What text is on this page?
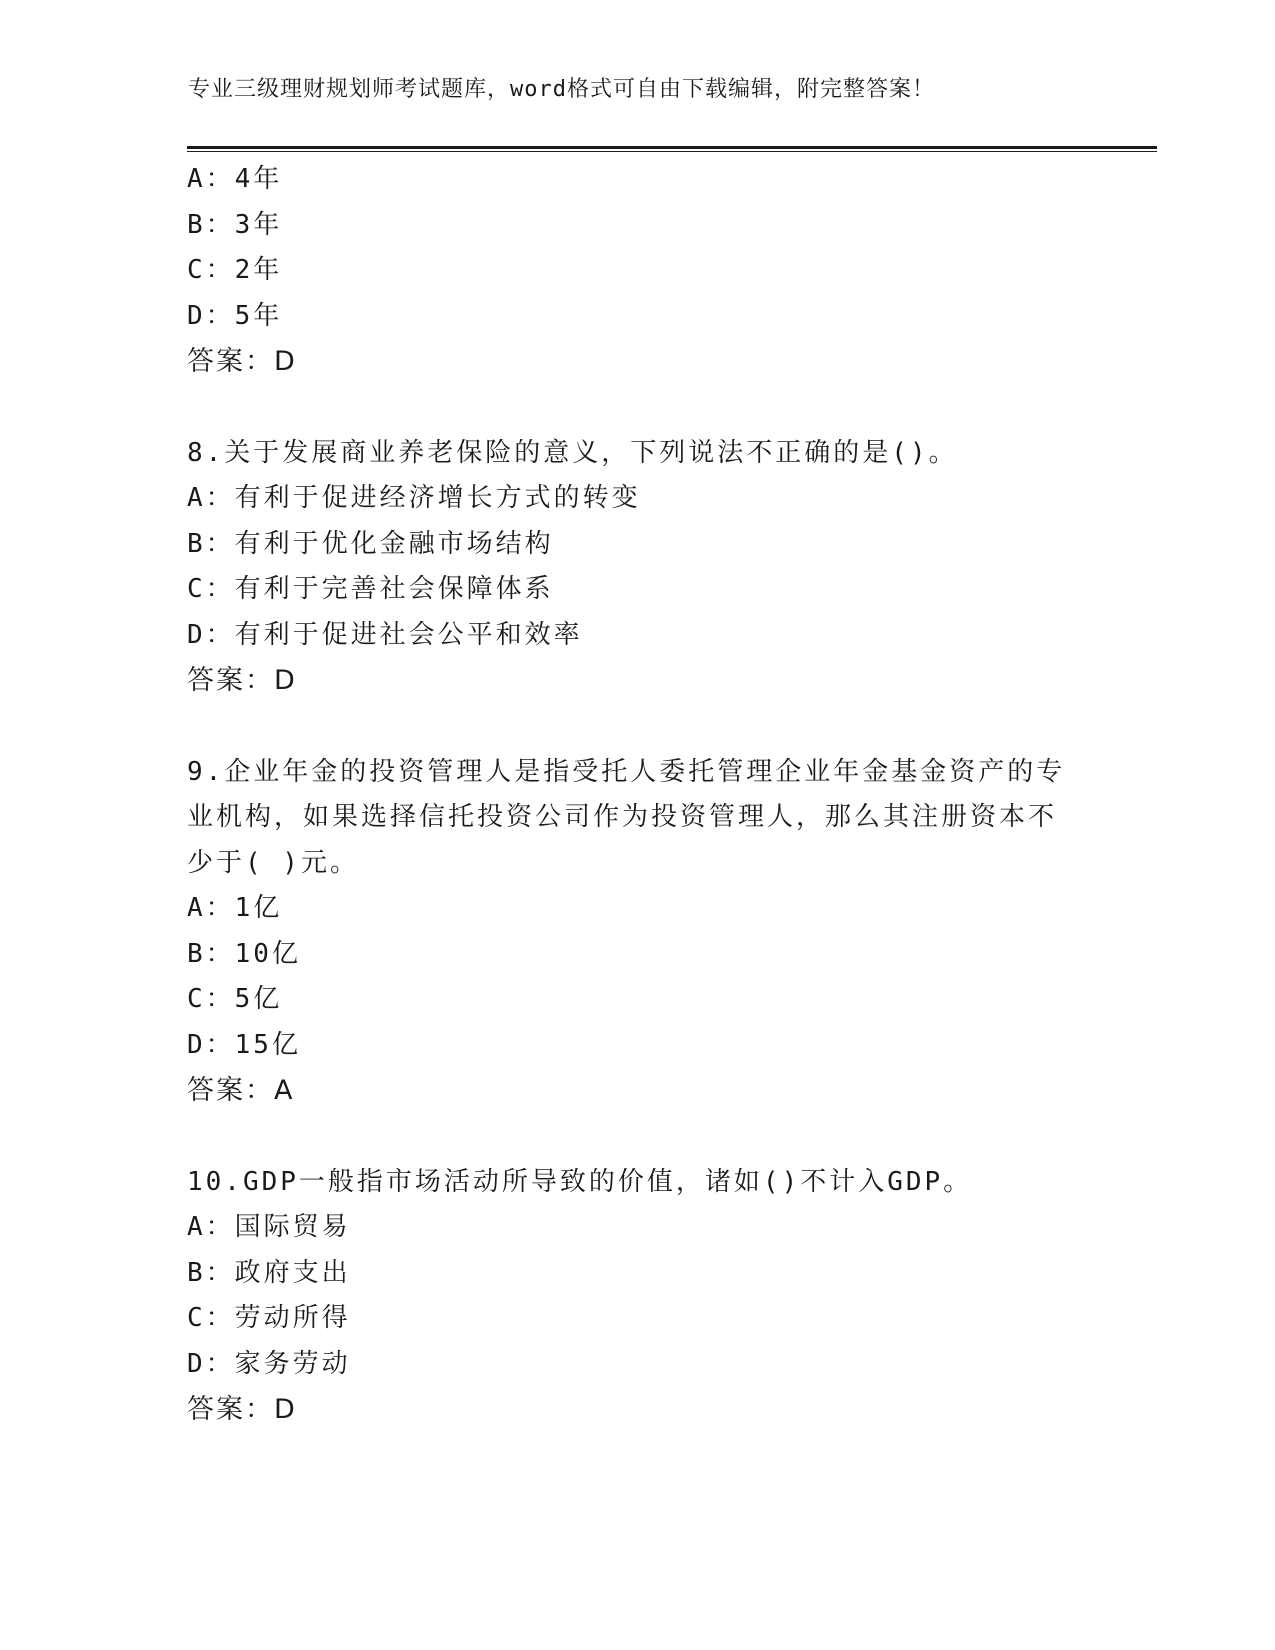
专业三级理财规划师考试题库，word格式可自由下载编辑，附完整答案！
A：4年
B：3年
C：2年
D：5年
答案：D
8.关于发展商业养老保险的意义，下列说法不正确的是()。
A：有利于促进经济增长方式的转变
B：有利于优化金融市场结构
C：有利于完善社会保障体系
D：有利于促进社会公平和效率
答案：D
9.企业年金的投资管理人是指受托人委托管理企业年金基金资产的专
业机构，如果选择信托投资公司作为投资管理人，那么其注册资本不
少于( )元。
A：1亿
B：10亿
C：5亿
D：15亿
答案：A
10.GDP一般指市场活动所导致的价值，诸如()不计入GDP。
A：国际贸易
B：政府支出
C：劳动所得
D：家务劳动
答案：D
